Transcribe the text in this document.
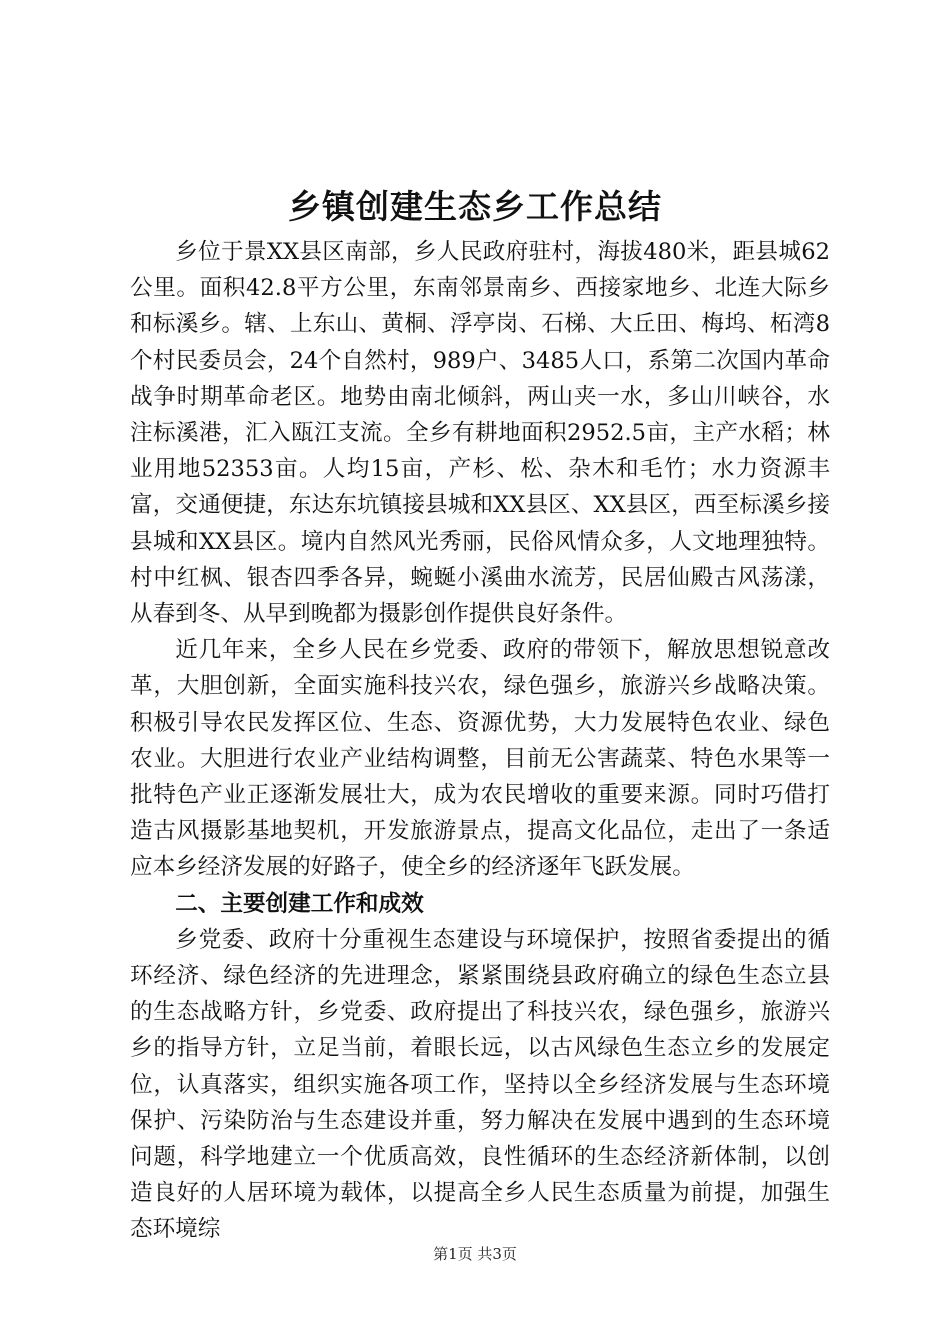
乡镇创建生态乡工作总结

乡位于景XX县区南部，乡人民政府驻村，海拔480米，距县城62公里。面积42.8平方公里，东南邻景南乡、西接家地乡、北连大际乡和标溪乡。辖、上东山、黄桐、浮亭岗、石梯、大丘田、梅坞、柘湾8个村民委员会，24个自然村，989户、3485人口，系第二次国内革命战争时期革命老区。地势由南北倾斜，两山夹一水，多山川峡谷，水注标溪港，汇入瓯江支流。全乡有耕地面积2952.5亩，主产水稻；林业用地52353亩。人均15亩，产杉、松、杂木和毛竹；水力资源丰富，交通便捷，东达东坑镇接县城和XX县区、XX县区，西至标溪乡接县城和XX县区。境内自然风光秀丽，民俗风情众多，人文地理独特。村中红枫、银杏四季各异，蜿蜒小溪曲水流芳，民居仙殿古风荡漾，从春到冬、从早到晚都为摄影创作提供良好条件。

近几年来，全乡人民在乡党委、政府的带领下，解放思想锐意改革，大胆创新，全面实施科技兴农，绿色强乡，旅游兴乡战略决策。积极引导农民发挥区位、生态、资源优势，大力发展特色农业、绿色农业。大胆进行农业产业结构调整，目前无公害蔬菜、特色水果等一批特色产业正逐渐发展壮大，成为农民增收的重要来源。同时巧借打造古风摄影基地契机，开发旅游景点，提高文化品位，走出了一条适应本乡经济发展的好路子，使全乡的经济逐年飞跃发展。

二、主要创建工作和成效

乡党委、政府十分重视生态建设与环境保护，按照省委提出的循环经济、绿色经济的先进理念，紧紧围绕县政府确立的绿色生态立县的生态战略方针，乡党委、政府提出了科技兴农，绿色强乡，旅游兴乡的指导方针，立足当前，着眼长远，以古风绿色生态立乡的发展定位，认真落实，组织实施各项工作，坚持以全乡经济发展与生态环境保护、污染防治与生态建设并重，努力解决在发展中遇到的生态环境问题，科学地建立一个优质高效，良性循环的生态经济新体制，以创造良好的人居环境为载体，以提高全乡人民生态质量为前提，加强生态环境综

第1页 共3页
